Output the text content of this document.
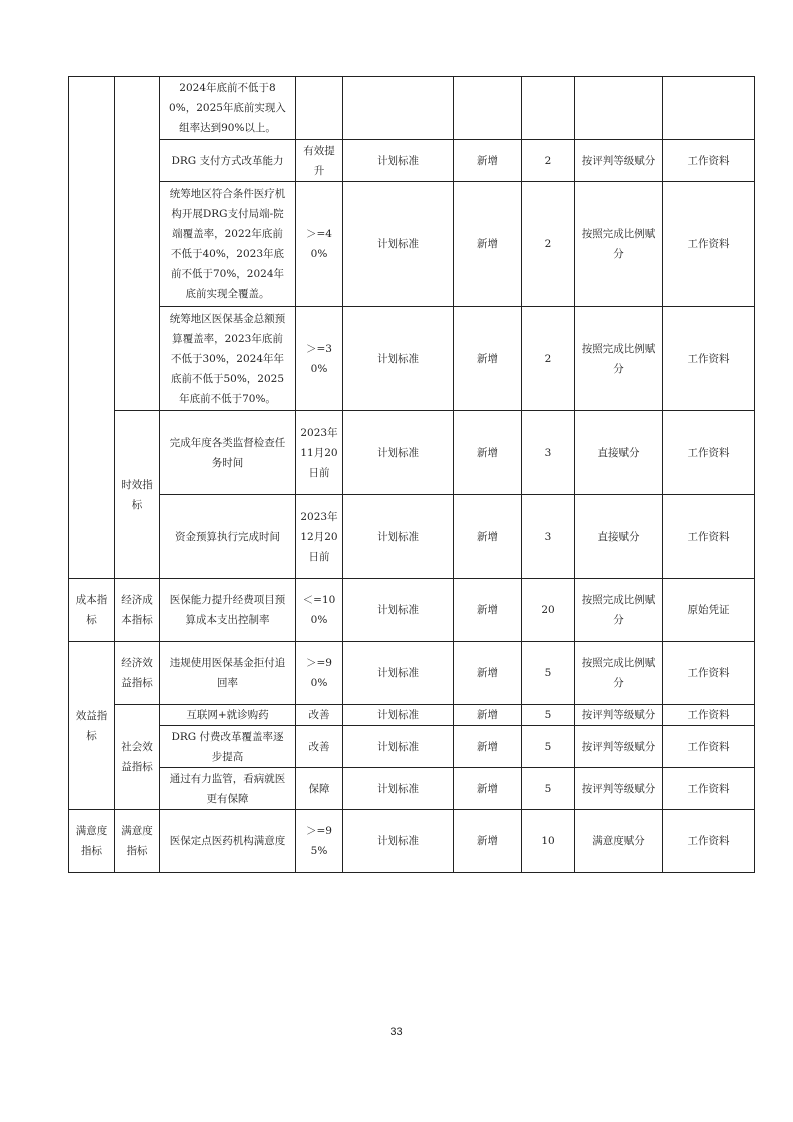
		2024年底前不低于80%，2025年底前实现入组率达到90%以上。						
		DRG 支付方式改革能力	有效提升	计划标准	新增	2	按评判等级赋分	工作资料
		统筹地区符合条件医疗机构开展DRG支付局端-院端覆盖率，2022年底前不低于40%，2023年底前不低于70%，2024年底前实现全覆盖。	＞=40%	计划标准	新增	2	按照完成比例赋分	工作资料
		统筹地区医保基金总额预算覆盖率，2023年底前不低于30%，2024年年底前不低于50%，2025年底前不低于70%。	＞=30%	计划标准	新增	2	按照完成比例赋分	工作资料
	时效指标	完成年度各类监督检查任务时间	2023年11月20日前	计划标准	新增	3	直接赋分	工作资料
		资金预算执行完成时间	2023年12月20日前	计划标准	新增	3	直接赋分	工作资料
成本指标	经济成本指标	医保能力提升经费项目预算成本支出控制率	＜=100%	计划标准	新增	20	按照完成比例赋分	原始凭证
效益指标	经济效益指标	违规使用医保基金拒付追回率	＞=90%	计划标准	新增	5	按照完成比例赋分	工作资料
	社会效益指标	互联网+就诊购药	改善	计划标准	新增	5	按评判等级赋分	工作资料
		DRG 付费改革覆盖率逐步提高	改善	计划标准	新增	5	按评判等级赋分	工作资料
		通过有力监管，看病就医更有保障	保障	计划标准	新增	5	按评判等级赋分	工作资料
满意度指标	满意度指标	医保定点医药机构满意度	＞=95%	计划标准	新增	10	满意度赋分	工作资料
33
